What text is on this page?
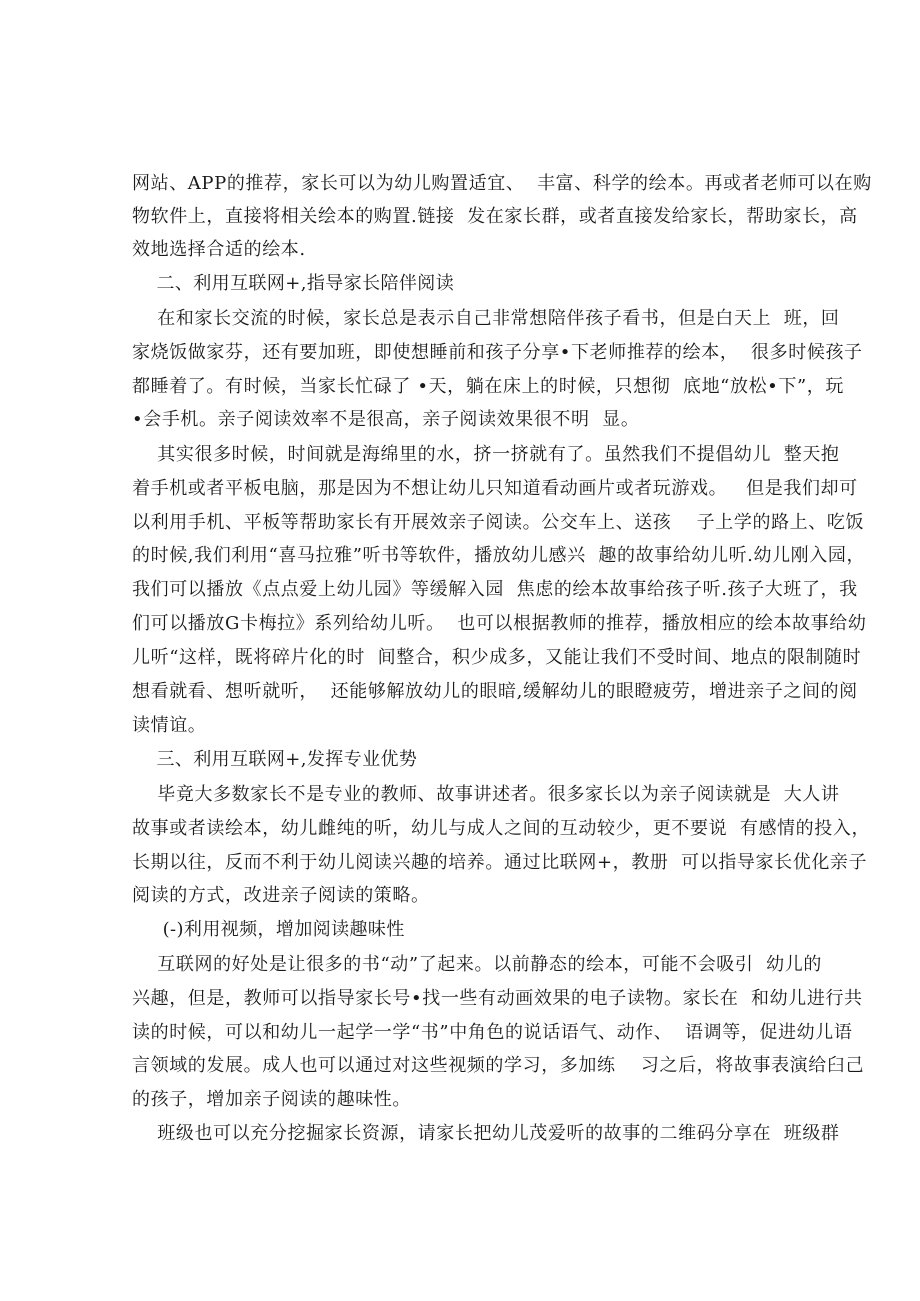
网站、APP的推荐，家长可以为幼儿购置适宜、  丰富、科学的绘本。再或者老师可以在购
物软件上，直接将相关绘本的购置.链接  发在家长群，或者直接发给家长，帮助家长，高
效地选择合适的绘本.
二、利用互联网+,指导家长陪伴阅读
在和家长交流的时候，家长总是表示自己非常想陪伴孩子看书，但是白天上  班，回
家烧饭做家芬，还有要加班，即使想睡前和孩子分享•下老师推荐的绘本，  很多时候孩子
都睡着了。有时候，当家长忙碌了 •天，躺在床上的时候，只想彻  底地“放松•下”，玩
•会手机。亲子阅读效率不是很高，亲子阅读效果很不明  显。
其实很多时候，时间就是海绵里的水，挤一挤就有了。虽然我们不提倡幼儿  整天抱
着手机或者平板电脑，那是因为不想让幼儿只知道看动画片或者玩游戏。   但是我们却可
以利用手机、平板等帮助家长有开展效亲子阅读。公交车上、送孩    子上学的路上、吃饭
的时候,我们利用“喜马拉雅”听书等软件，播放幼儿感兴  趣的故事给幼儿听.幼儿刚入园，
我们可以播放《点点爱上幼儿园》等缓解入园  焦虑的绘本故事给孩子听.孩子大班了，我
们可以播放G卡梅拉》系列给幼儿听。  也可以根据教师的推荐，播放相应的绘本故事给幼
儿听“这样，既将碎片化的时  间整合，积少成多，又能让我们不受时间、地点的限制随时
想看就看、想听就听，  还能够解放幼儿的眼暗,缓解幼儿的眼瞪疲劳，增进亲子之间的阅
读情谊。
三、利用互联网+,发挥专业优势
毕竟大多数家长不是专业的教师、故事讲述者。很多家长以为亲子阅读就是  大人讲
故事或者读绘本，幼儿雌纯的听，幼儿与成人之间的互动较少，更不要说  有感情的投入，
长期以往，反而不利于幼儿阅读兴趣的培养。通过比联网+，教册  可以指导家长优化亲子
阅读的方式，改进亲子阅读的策略。
(-)利用视频，增加阅读趣味性
互联网的好处是让很多的书“动”了起来。以前静态的绘本，可能不会吸引  幼儿的
兴趣，但是，教师可以指导家长号•找一些有动画效果的电子读物。家长在  和幼儿进行共
读的时候，可以和幼儿一起学一学“书”中角色的说话语气、动作、  语调等，促进幼儿语
言领域的发展。成人也可以通过对这些视频的学习，多加练    习之后，将故事表演给臼己
的孩子，增加亲子阅读的趣味性。
班级也可以充分挖掘家长资源，请家长把幼儿茂爱听的故事的二维码分享在  班级群
